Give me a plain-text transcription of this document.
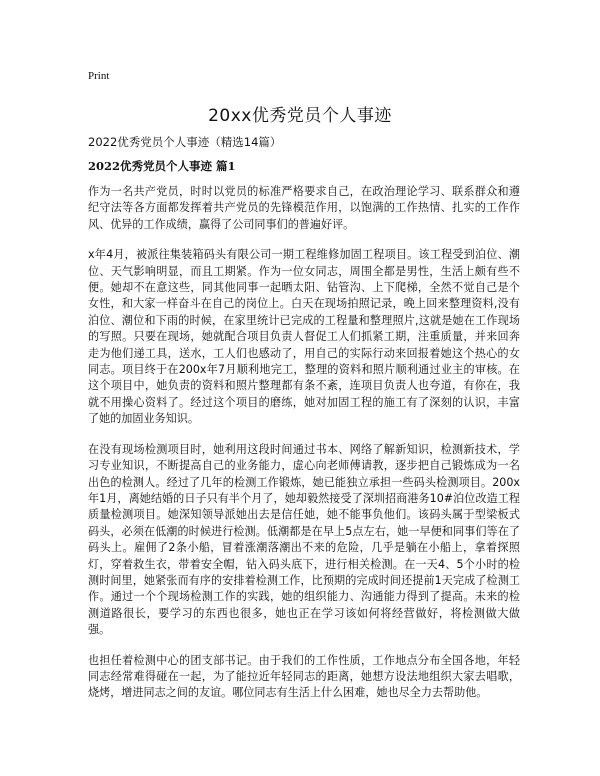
Print
20xx优秀党员个人事迹
2022优秀党员个人事迹（精选14篇）
2022优秀党员个人事迹 篇1

作为一名共产党员，时时以党员的标准严格要求自己，在政治理论学习、联系群众和遵纪守法等各方面都发挥着共产党员的先锋模范作用，以饱满的工作热情、扎实的工作作风、优异的工作成绩，赢得了公司同事们的普遍好评。

x年4月，被派往集装箱码头有限公司一期工程维修加固工程项目。该工程受到泊位、潮位、天气影响明显，而且工期紧。作为一位女同志，周围全都是男性，生活上颇有些不便。她却不在意这些，同其他同事一起晒太阳、钻管沟、上下爬梯，全然不觉自己是个女性，和大家一样奋斗在自己的岗位上。白天在现场拍照记录，晚上回来整理资料,没有泊位、潮位和下雨的时候，在家里统计已完成的工程量和整理照片,这就是她在工作现场的写照。只要在现场，她就配合项目负责人督促工人们抓紧工期，注重质量，并来回奔走为他们递工具，送水，工人们也感动了，用自己的实际行动来回报着她这个热心的女同志。项目终于在200x年7月顺利地完工，整理的资料和照片顺利通过业主的审核。在这个项目中，她负责的资料和照片整理都有条不紊，连项目负责人也夸道，有你在，我就不用操心资料了。经过这个项目的磨练，她对加固工程的施工有了深刻的认识，丰富了她的加固业务知识。

在没有现场检测项目时，她利用这段时间通过书本、网络了解新知识，检测新技术，学习专业知识，不断提高自己的业务能力，虚心向老师傅请教，逐步把自己锻炼成为一名出色的检测人。经过了几年的检测工作锻炼，她已能独立承担一些码头检测项目。200x年1月，离她结婚的日子只有半个月了，她却毅然接受了深圳招商港务10#泊位改造工程质量检测项目。她深知领导派她出去是信任她，她不能事负他们。该码头属于型梁板式码头，必须在低潮的时候进行检测。低潮都是在早上5点左右，她一早便和同事们等在了码头上。雇佣了2条小船，冒着涨潮落潮出不来的危险，几乎是躺在小船上，拿着探照灯，穿着救生衣，带着安全帽，钻入码头底下，进行相关检测。在一天4、5个小时的检测时间里，她紧张而有序的安排着检测工作，比预期的完成时间还提前1天完成了检测工作。通过一个个现场检测工作的实践，她的组织能力、沟通能力得到了提高。未来的检测道路很长，要学习的东西也很多，她也正在学习该如何将经营做好，将检测做大做强。

也担任着检测中心的团支部书记。由于我们的工作性质，工作地点分布全国各地，年轻同志经常难得碰在一起，为了能拉近年轻同志的距离，她想方设法地组织大家去唱歌，烧烤，增进同志之间的友谊。哪位同志有生活上什么困难，她也尽全力去帮助他。
